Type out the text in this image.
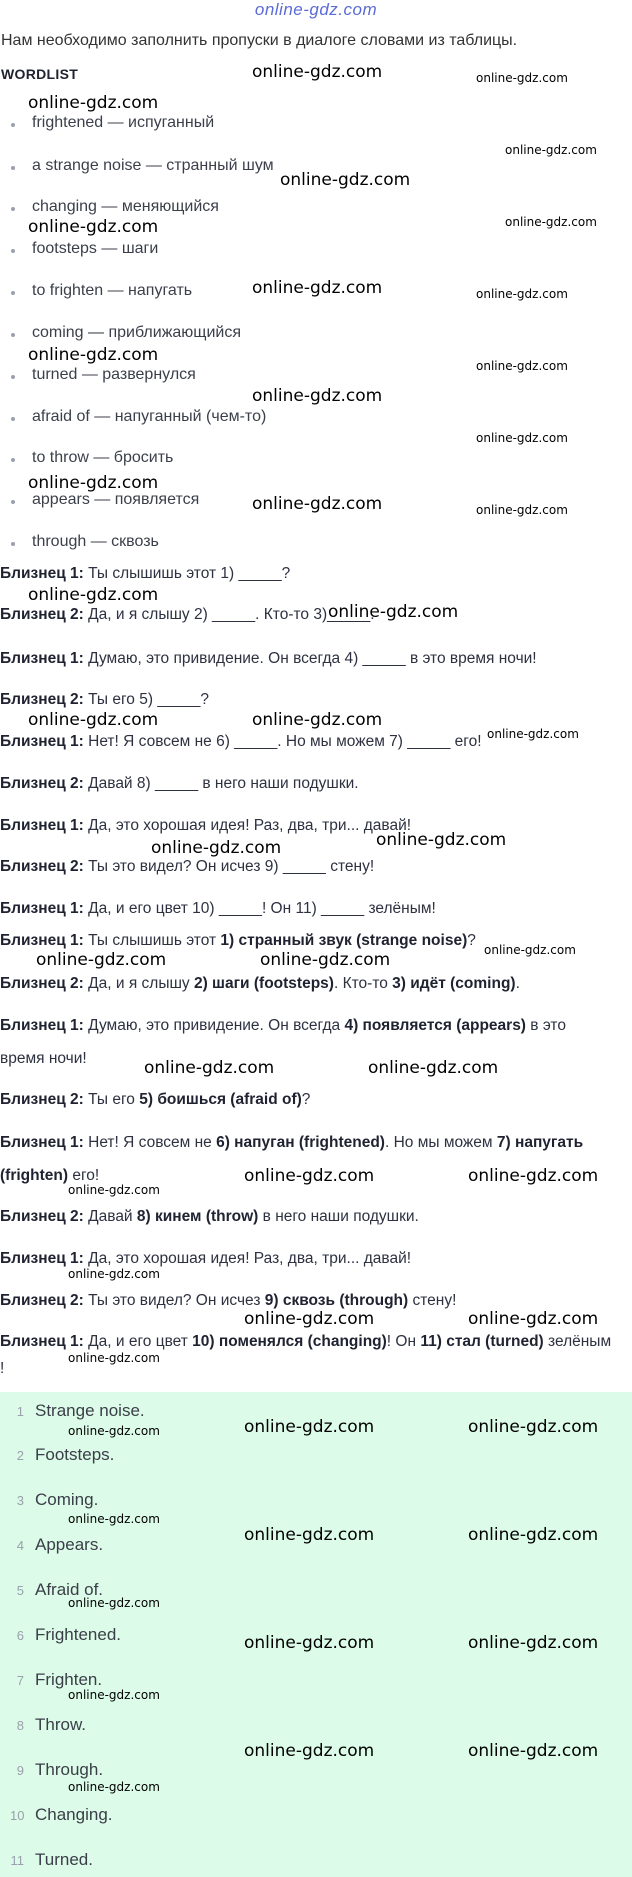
online-gdz.com
Нам необходимо заполнить пропуски в диалоге словами из таблицы.
WORDLIST
frightened — испуганный
a strange noise — странный шум
changing — меняющийся
footsteps — шаги
to frighten — напугать
coming — приближающийся
turned — развернулся
afraid of — напуганный (чем-то)
to throw — бросить
appears — появляется
through — сквозь
Близнец 1: Ты слышишь этот 1) _____?
Близнец 2: Да, и я слышу 2) _____. Кто-то 3)_____.
Близнец 1: Думаю, это привидение. Он всегда 4) _____ в это время ночи!
Близнец 2: Ты его 5) _____?
Близнец 1: Нет! Я совсем не 6) _____. Но мы можем 7) _____ его!
Близнец 2: Давай 8) _____ в него наши подушки.
Близнец 1: Да, это хорошая идея! Раз, два, три... давай!
Близнец 2: Ты это видел? Он исчез 9) _____ стену!
Близнец 1: Да, и его цвет 10) _____! Он 11) _____ зелёным!
Близнец 1: Ты слышишь этот 1) странный звук (strange noise)?
Близнец 2: Да, и я слышу 2) шаги (footsteps). Кто-то 3) идёт (coming).
Близнец 1: Думаю, это привидение. Он всегда 4) появляется (appears) в это
время ночи!
Близнец 2: Ты его 5) боишься (afraid of)?
Близнец 1: Нет! Я совсем не 6) напуган (frightened). Но мы можем 7) напугать
(frighten) его!
Близнец 2: Давай 8) кинем (throw) в него наши подушки.
Близнец 1: Да, это хорошая идея! Раз, два, три... давай!
Близнец 2: Ты это видел? Он исчез 9) сквозь (through) стену!
Близнец 1: Да, и его цвет 10) поменялся (changing)! Он 11) стал (turned) зелёным
!
1 Strange noise.
2 Footsteps.
3 Coming.
4 Appears.
5 Afraid of.
6 Frightened.
7 Frighten.
8 Throw.
9 Through.
10 Changing.
11 Turned.
online-gdz.com	online-gdz.com
online-gdz.com
online-gdz.com
online-gdz.com
online-gdz.com
online-gdz.com
online-gdz.com	online-gdz.com
online-gdz.com
online-gdz.com
online-gdz.com
online-gdz.com
online-gdz.com
online-gdz.com	online-gdz.com
online-gdz.com
online-gdz.com
online-gdz.com	online-gdz.com
online-gdz.com
online-gdz.com
online-gdz.com
online-gdz.com
online-gdz.com	online-gdz.com
online-gdz.com	online-gdz.com
online-gdz.com	online-gdz.com
online-gdz.com
online-gdz.com
online-gdz.com	online-gdz.com
online-gdz.com
online-gdz.com	online-gdz.com
online-gdz.com
online-gdz.com
online-gdz.com	online-gdz.com
online-gdz.com
online-gdz.com	online-gdz.com
online-gdz.com
online-gdz.com	online-gdz.com
online-gdz.com
